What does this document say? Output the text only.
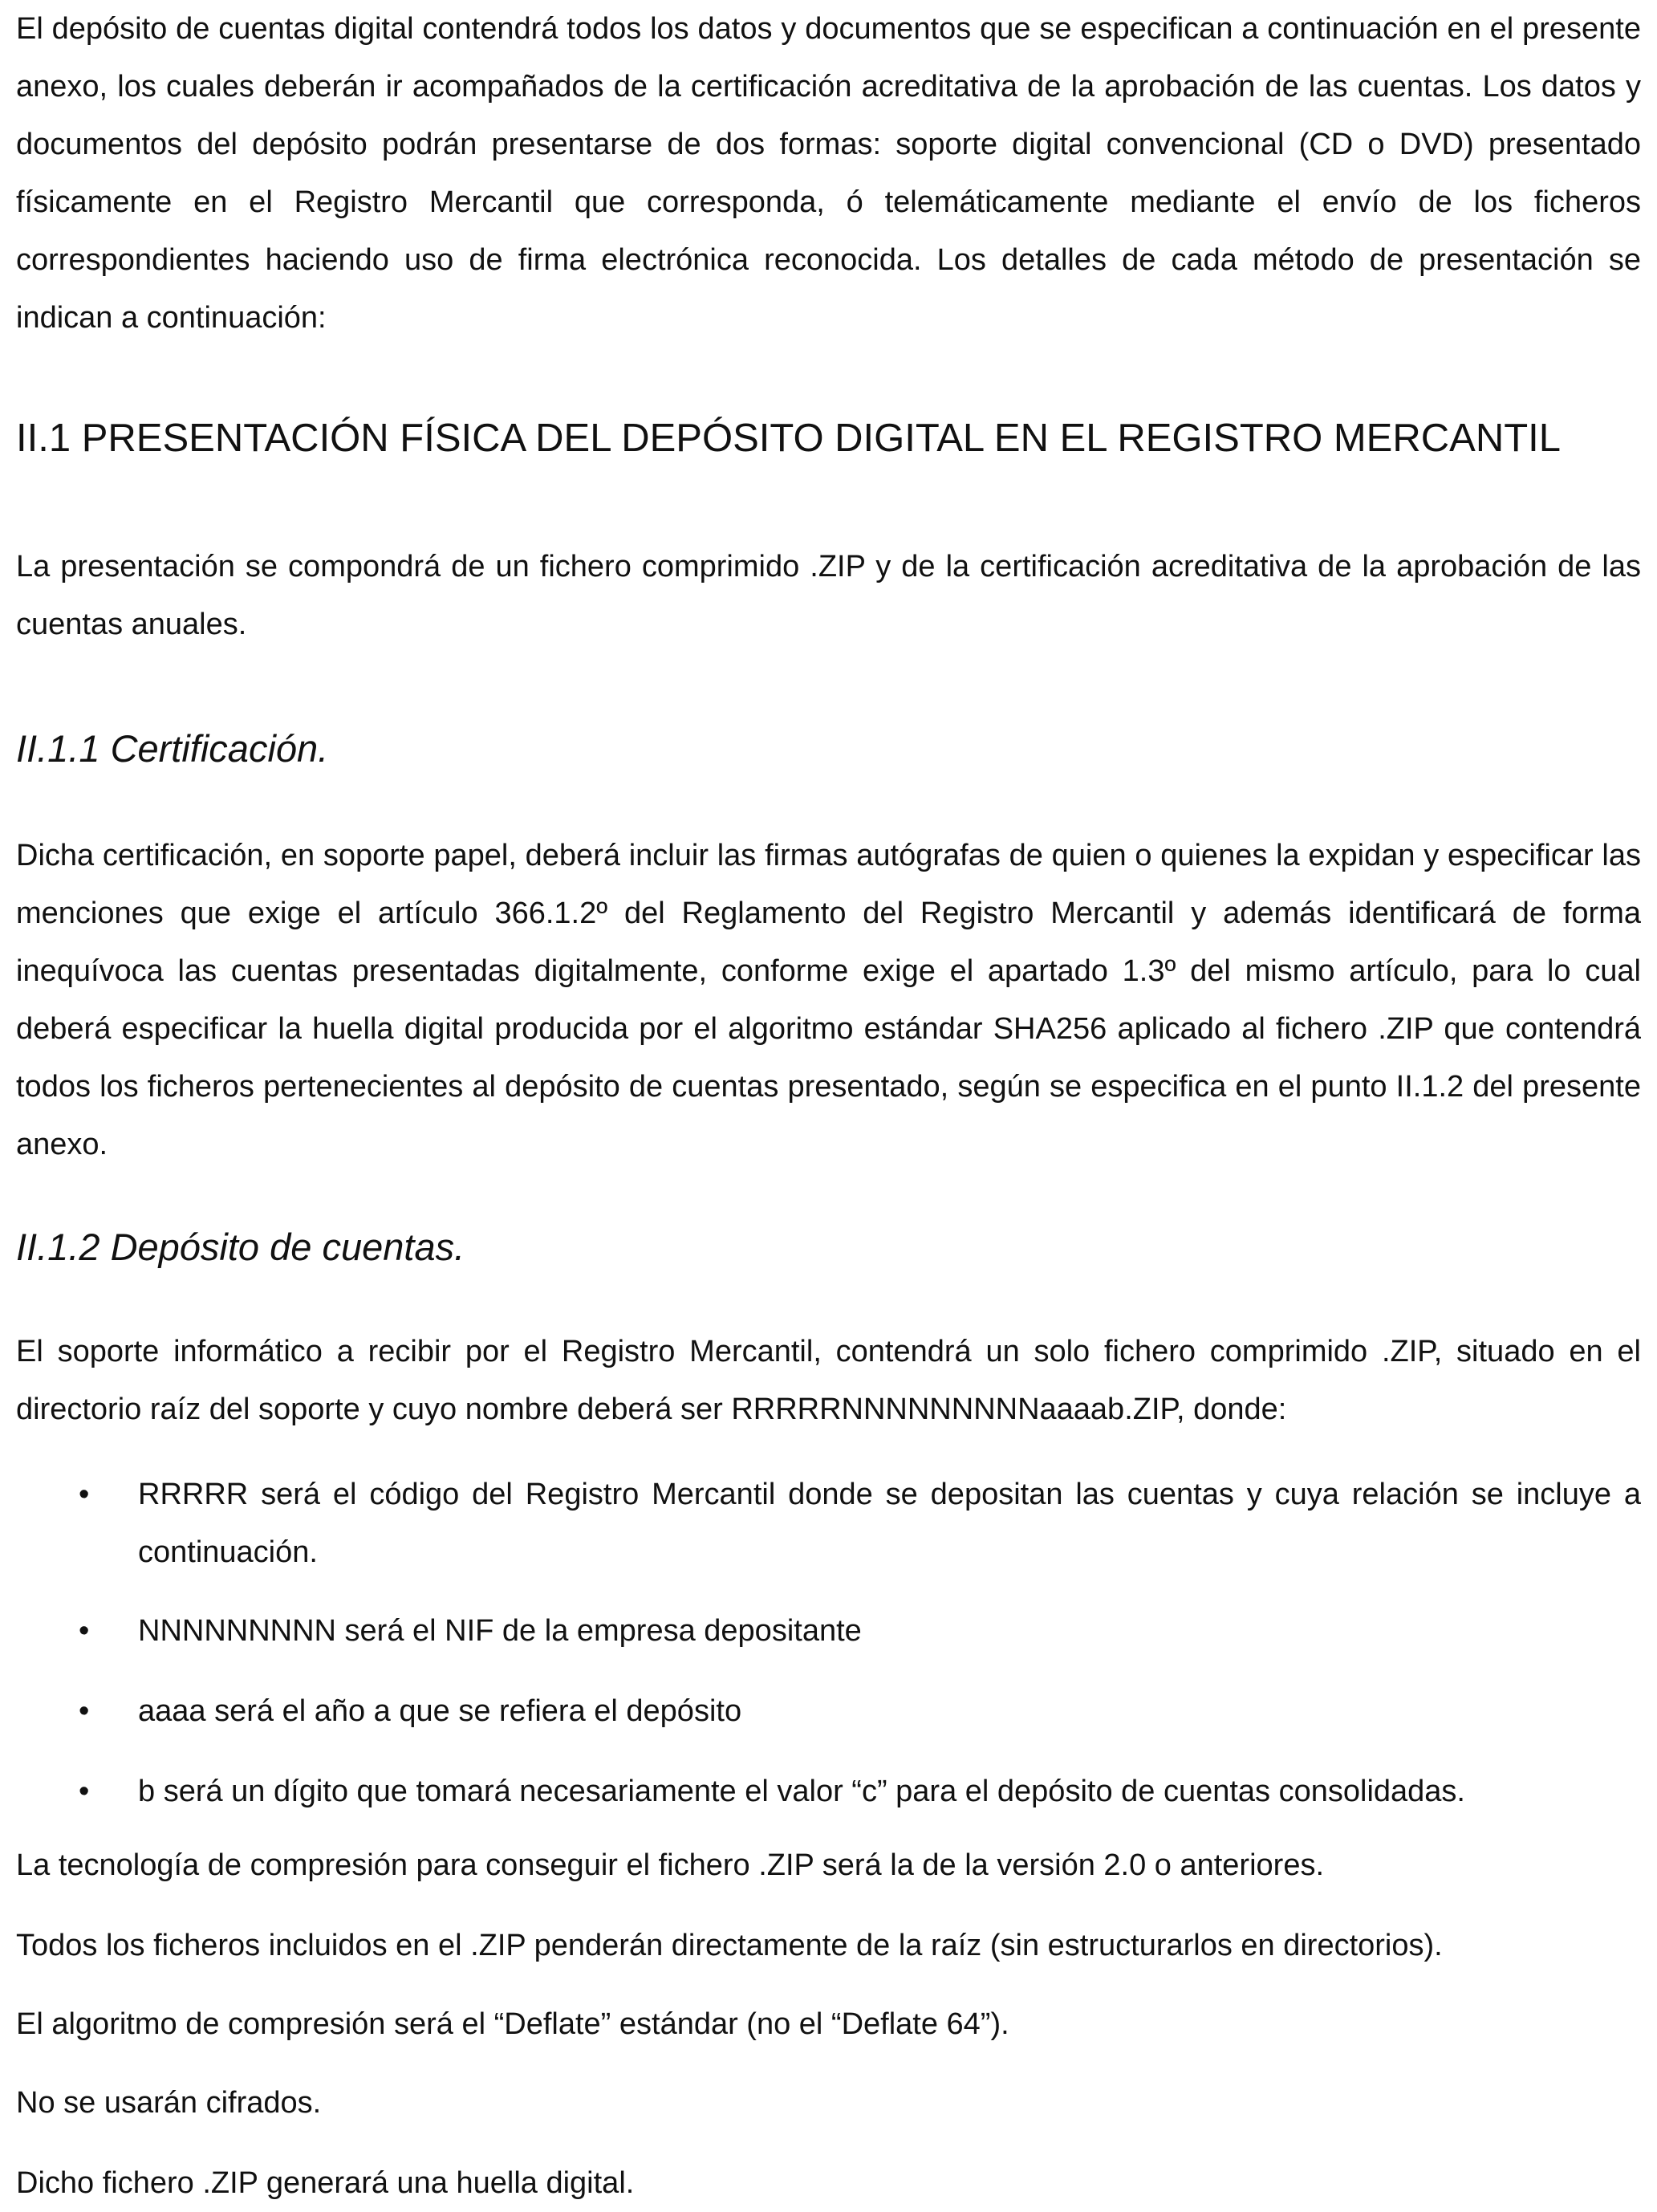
El depósito de cuentas digital contendrá todos los datos y documentos que se especifican a continuación en el presente anexo, los cuales deberán ir acompañados de la certificación acreditativa de la aprobación de las cuentas. Los datos y documentos del depósito podrán presentarse de dos formas: soporte digital convencional (CD o DVD) presentado físicamente en el Registro Mercantil que corresponda, ó telemáticamente mediante el envío de los ficheros correspondientes haciendo uso de firma electrónica reconocida. Los detalles de cada método de presentación se indican a continuación:

II.1 PRESENTACIÓN FÍSICA DEL DEPÓSITO DIGITAL EN EL REGISTRO MERCANTIL

La presentación se compondrá de un fichero comprimido .ZIP y de la certificación acreditativa de la aprobación de las cuentas anuales.

II.1.1 Certificación.

Dicha certificación, en soporte papel, deberá incluir las firmas autógrafas de quien o quienes la expidan y especificar las menciones que exige el artículo 366.1.2º del Reglamento del Registro Mercantil y además identificará de forma inequívoca las cuentas presentadas digitalmente, conforme exige el apartado 1.3º del mismo artículo, para lo cual deberá especificar la huella digital producida por el algoritmo estándar SHA256 aplicado al fichero .ZIP que contendrá todos los ficheros pertenecientes al depósito de cuentas presentado, según se especifica en el punto II.1.2 del presente anexo.

II.1.2 Depósito de cuentas.

El soporte informático a recibir por el Registro Mercantil, contendrá un solo fichero comprimido .ZIP, situado en el directorio raíz del soporte y cuyo nombre deberá ser RRRRRNNNNNNNNNaaaab.ZIP, donde:

• RRRRR será el código del Registro Mercantil donde se depositan las cuentas y cuya relación se incluye a continuación.
• NNNNNNNNN será el NIF de la empresa depositante
• aaaa será el año a que se refiera el depósito
• b será un dígito que tomará necesariamente el valor “c” para el depósito de cuentas consolidadas.

La tecnología de compresión para conseguir el fichero .ZIP será la de la versión 2.0 o anteriores.

Todos los ficheros incluidos en el .ZIP penderán directamente de la raíz (sin estructurarlos en directorios).

El algoritmo de compresión será el “Deflate” estándar (no el “Deflate 64”).

No se usarán cifrados.

Dicho fichero .ZIP generará una huella digital.
